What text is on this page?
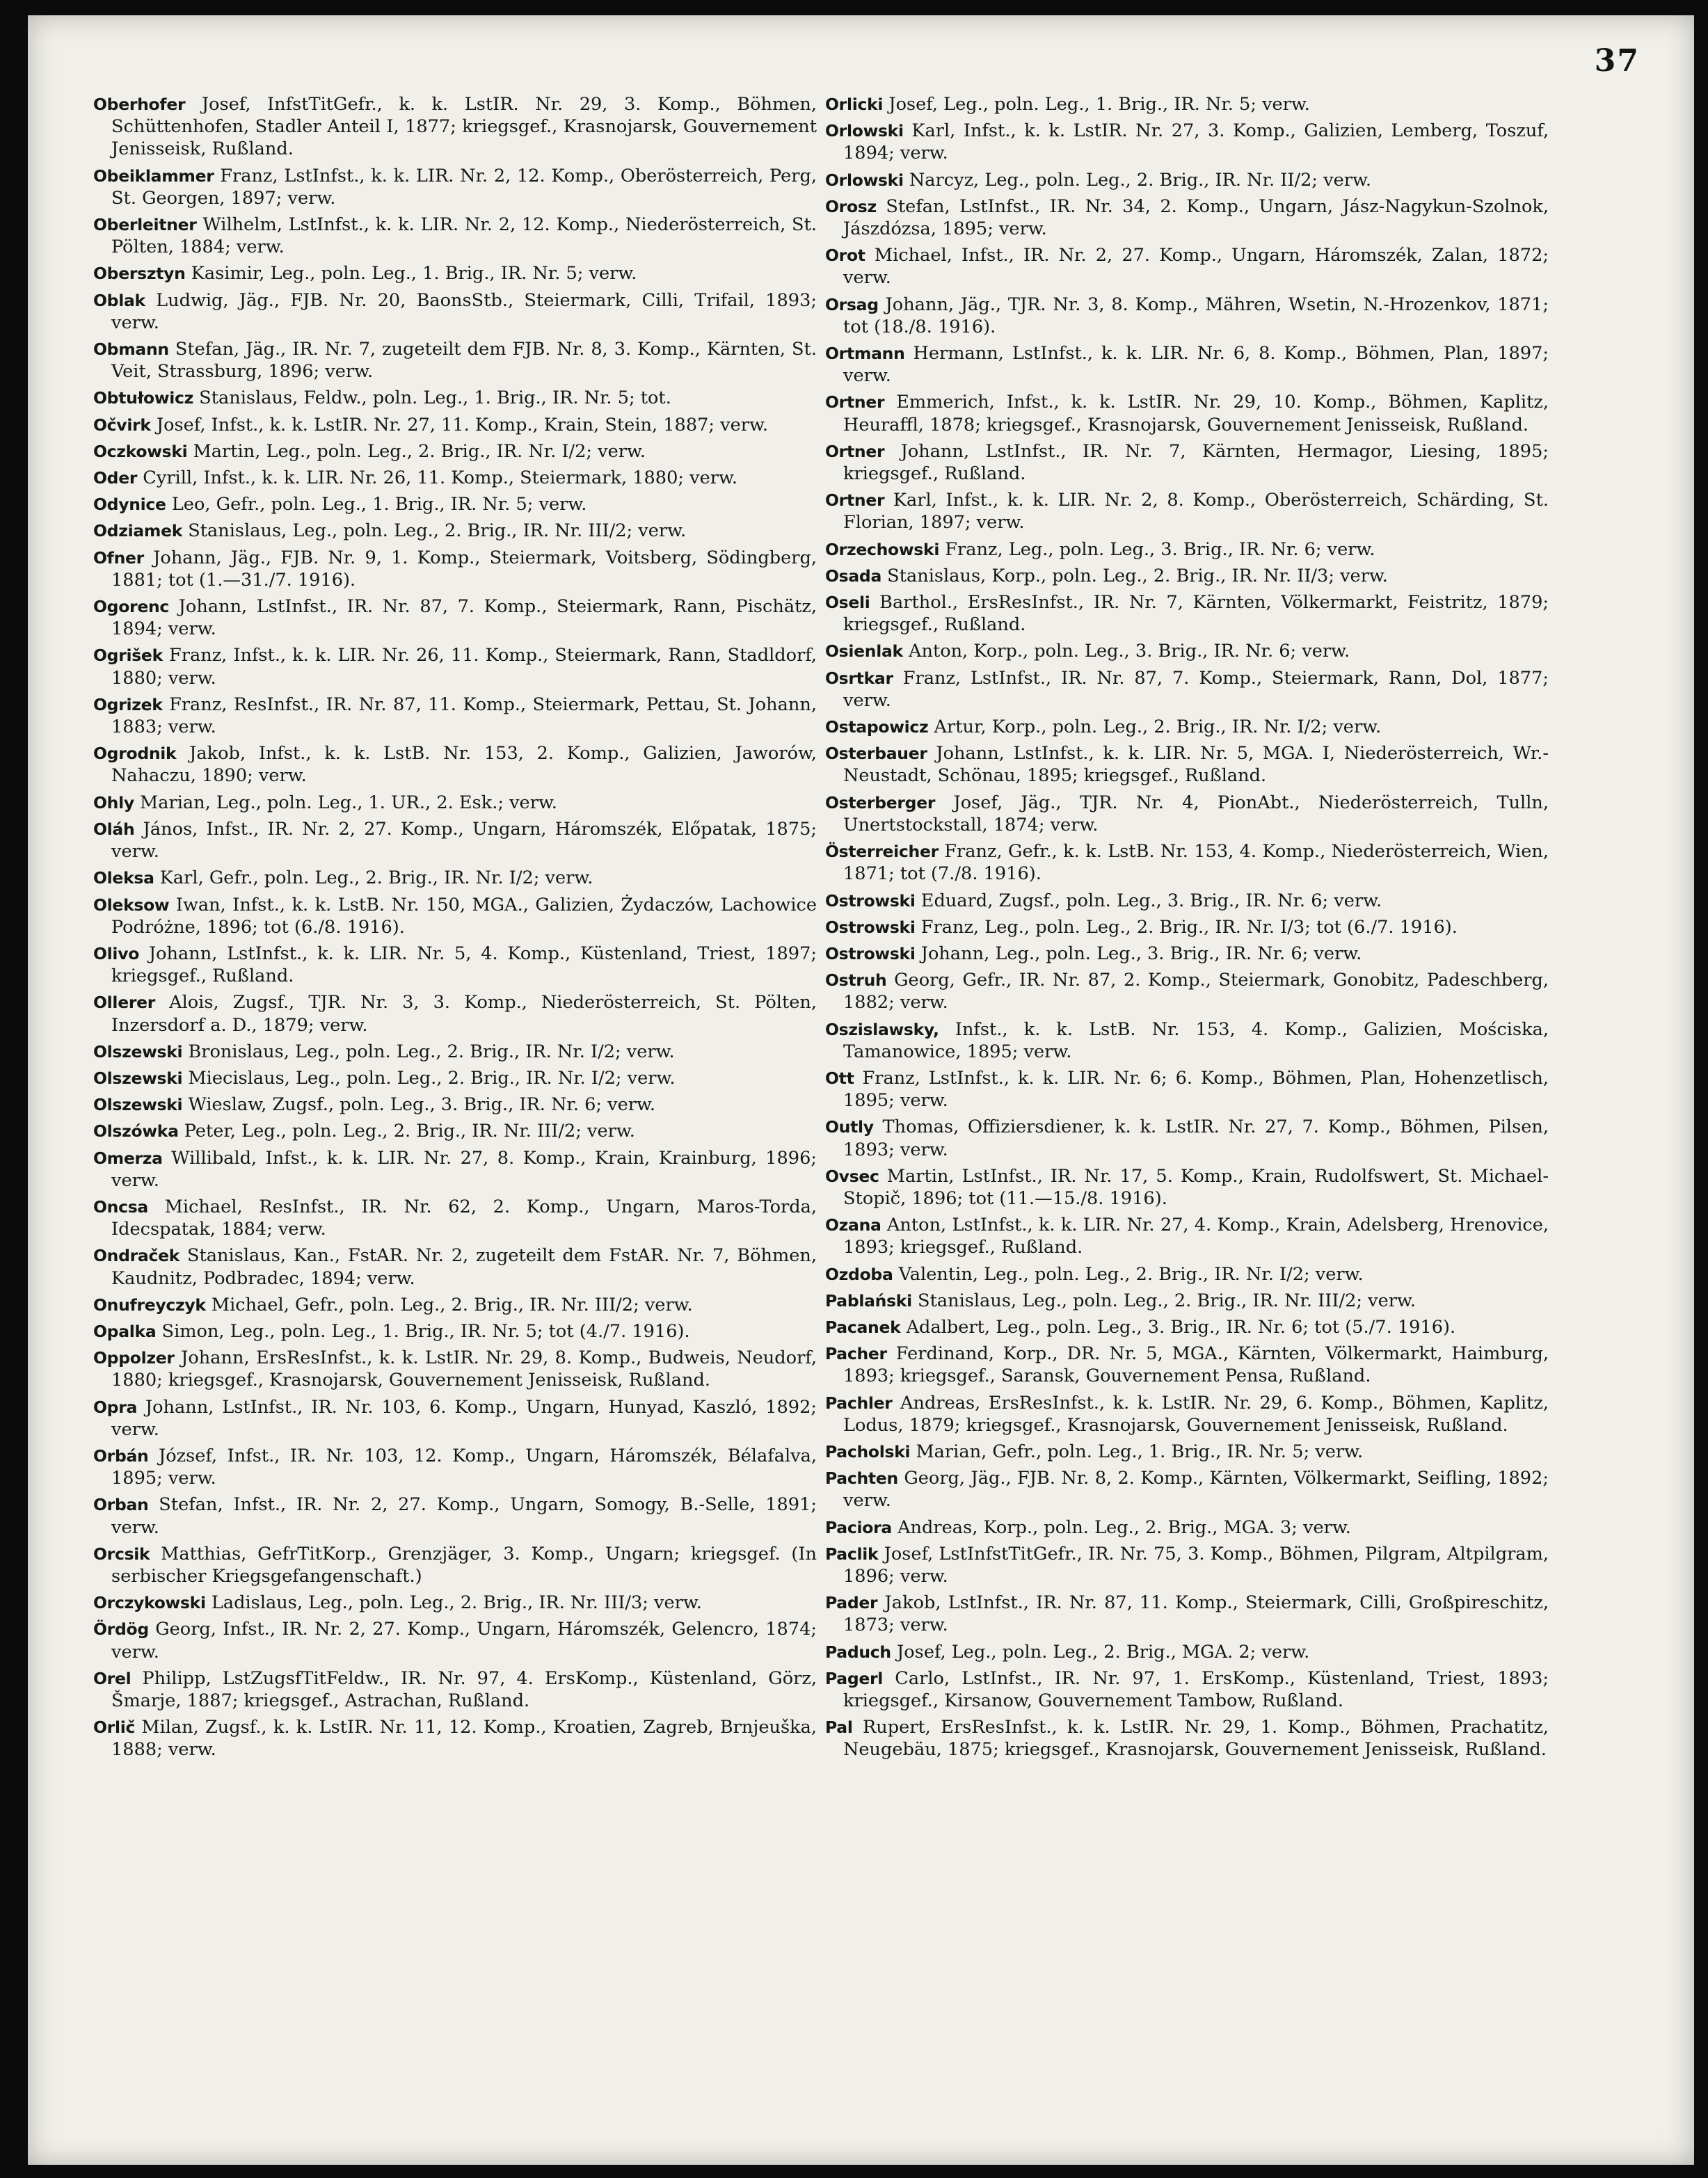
37

Oberhofer Josef, InfstTitGefr., k. k. LstIR. Nr. 29, 3. Komp., Böhmen, Schüttenhofen, Stadler Anteil I, 1877; kriegsgef., Krasnojarsk, Gouvernement Jenisseisk, Rußland.

Obeiklammer Franz, LstInfst., k. k. LIR. Nr. 2, 12. Komp., Oberösterreich, Perg, St. Georgen, 1897; verw.

Oberleitner Wilhelm, LstInfst., k. k. LIR. Nr. 2, 12. Komp., Niederösterreich, St. Pölten, 1884; verw.

Obersztyn Kasimir, Leg., poln. Leg., 1. Brig., IR. Nr. 5; verw.

Oblak Ludwig, Jäg., FJB. Nr. 20, BaonsStb., Steiermark, Cilli, Trifail, 1893; verw.

Obmann Stefan, Jäg., IR. Nr. 7, zugeteilt dem FJB. Nr. 8, 3. Komp., Kärnten, St. Veit, Strassburg, 1896; verw.

Obtułowicz Stanislaus, Feldw., poln. Leg., 1. Brig., IR. Nr. 5; tot.

Očvirk Josef, Infst., k. k. LstIR. Nr. 27, 11. Komp., Krain, Stein, 1887; verw.

Oczkowski Martin, Leg., poln. Leg., 2. Brig., IR. Nr. I/2; verw.

Oder Cyrill, Infst., k. k. LIR. Nr. 26, 11. Komp., Steiermark, 1880; verw.

Odynice Leo, Gefr., poln. Leg., 1. Brig., IR. Nr. 5; verw.

Odziamek Stanislaus, Leg., poln. Leg., 2. Brig., IR. Nr. III/2; verw.

Ofner Johann, Jäg., FJB. Nr. 9, 1. Komp., Steiermark, Voitsberg, Södingberg, 1881; tot (1.—31./7. 1916).

Ogorenc Johann, LstInfst., IR. Nr. 87, 7. Komp., Steiermark, Rann, Pischätz, 1894; verw.

Ogrišek Franz, Infst., k. k. LIR. Nr. 26, 11. Komp., Steiermark, Rann, Stadldorf, 1880; verw.

Ogrizek Franz, ResInfst., IR. Nr. 87, 11. Komp., Steiermark, Pettau, St. Johann, 1883; verw.

Ogrodnik Jakob, Infst., k. k. LstB. Nr. 153, 2. Komp., Galizien, Jaworów, Nahaczu, 1890; verw.

Ohly Marian, Leg., poln. Leg., 1. UR., 2. Esk.; verw.

Oláh János, Infst., IR. Nr. 2, 27. Komp., Ungarn, Háromszék, Előpatak, 1875; verw.

Oleksa Karl, Gefr., poln. Leg., 2. Brig., IR. Nr. I/2; verw.

Oleksow Iwan, Infst., k. k. LstB. Nr. 150, MGA., Galizien, Żydaczów, Lachowice Podróżne, 1896; tot (6./8. 1916).

Olivo Johann, LstInfst., k. k. LIR. Nr. 5, 4. Komp., Küstenland, Triest, 1897; kriegsgef., Rußland.

Ollerer Alois, Zugsf., TJR. Nr. 3, 3. Komp., Niederösterreich, St. Pölten, Inzersdorf a. D., 1879; verw.

Olszewski Bronislaus, Leg., poln. Leg., 2. Brig., IR. Nr. I/2; verw.

Olszewski Miecislaus, Leg., poln. Leg., 2. Brig., IR. Nr. I/2; verw.

Olszewski Wieslaw, Zugsf., poln. Leg., 3. Brig., IR. Nr. 6; verw.

Olszówka Peter, Leg., poln. Leg., 2. Brig., IR. Nr. III/2; verw.

Omerza Willibald, Infst., k. k. LIR. Nr. 27, 8. Komp., Krain, Krainburg, 1896; verw.

Oncsa Michael, ResInfst., IR. Nr. 62, 2. Komp., Ungarn, Maros-Torda, Idecspatak, 1884; verw.

Ondraček Stanislaus, Kan., FstAR. Nr. 2, zugeteilt dem FstAR. Nr. 7, Böhmen, Kaudnitz, Podbradec, 1894; verw.

Onufreyczyk Michael, Gefr., poln. Leg., 2. Brig., IR. Nr. III/2; verw.

Opalka Simon, Leg., poln. Leg., 1. Brig., IR. Nr. 5; tot (4./7. 1916).

Oppolzer Johann, ErsResInfst., k. k. LstIR. Nr. 29, 8. Komp., Budweis, Neudorf, 1880; kriegsgef., Krasnojarsk, Gouvernement Jenisseisk, Rußland.

Opra Johann, LstInfst., IR. Nr. 103, 6. Komp., Ungarn, Hunyad, Kaszló, 1892; verw.

Orbán József, Infst., IR. Nr. 103, 12. Komp., Ungarn, Háromszék, Bélafalva, 1895; verw.

Orban Stefan, Infst., IR. Nr. 2, 27. Komp., Ungarn, Somogy, B.-Selle, 1891; verw.

Orcsik Matthias, GefrTitKorp., Grenzjäger, 3. Komp., Ungarn; kriegsgef. (In serbischer Kriegsgefangenschaft.)

Orczykowski Ladislaus, Leg., poln. Leg., 2. Brig., IR. Nr. III/3; verw.

Ördög Georg, Infst., IR. Nr. 2, 27. Komp., Ungarn, Háromszék, Gelencro, 1874; verw.

Orel Philipp, LstZugsfTitFeldw., IR. Nr. 97, 4. ErsKomp., Küstenland, Görz, Šmarje, 1887; kriegsgef., Astrachan, Rußland.

Orlič Milan, Zugsf., k. k. LstIR. Nr. 11, 12. Komp., Kroatien, Zagreb, Brnjeuška, 1888; verw.

Orlicki Josef, Leg., poln. Leg., 1. Brig., IR. Nr. 5; verw.

Orlowski Karl, Infst., k. k. LstIR. Nr. 27, 3. Komp., Galizien, Lemberg, Toszuf, 1894; verw.

Orlowski Narcyz, Leg., poln. Leg., 2. Brig., IR. Nr. II/2; verw.

Orosz Stefan, LstInfst., IR. Nr. 34, 2. Komp., Ungarn, Jász-Nagykun-Szolnok, Jászdózsa, 1895; verw.

Orot Michael, Infst., IR. Nr. 2, 27. Komp., Ungarn, Háromszék, Zalan, 1872; verw.

Orsag Johann, Jäg., TJR. Nr. 3, 8. Komp., Mähren, Wsetin, N.-Hrozenkov, 1871; tot (18./8. 1916).

Ortmann Hermann, LstInfst., k. k. LIR. Nr. 6, 8. Komp., Böhmen, Plan, 1897; verw.

Ortner Emmerich, Infst., k. k. LstIR. Nr. 29, 10. Komp., Böhmen, Kaplitz, Heuraffl, 1878; kriegsgef., Krasnojarsk, Gouvernement Jenisseisk, Rußland.

Ortner Johann, LstInfst., IR. Nr. 7, Kärnten, Hermagor, Liesing, 1895; kriegsgef., Rußland.

Ortner Karl, Infst., k. k. LIR. Nr. 2, 8. Komp., Oberösterreich, Schärding, St. Florian, 1897; verw.

Orzechowski Franz, Leg., poln. Leg., 3. Brig., IR. Nr. 6; verw.

Osada Stanislaus, Korp., poln. Leg., 2. Brig., IR. Nr. II/3; verw.

Oseli Barthol., ErsResInfst., IR. Nr. 7, Kärnten, Völkermarkt, Feistritz, 1879; kriegsgef., Rußland.

Osienlak Anton, Korp., poln. Leg., 3. Brig., IR. Nr. 6; verw.

Osrtkar Franz, LstInfst., IR. Nr. 87, 7. Komp., Steiermark, Rann, Dol, 1877; verw.

Ostapowicz Artur, Korp., poln. Leg., 2. Brig., IR. Nr. I/2; verw.

Osterbauer Johann, LstInfst., k. k. LIR. Nr. 5, MGA. I, Niederösterreich, Wr.-Neustadt, Schönau, 1895; kriegsgef., Rußland.

Osterberger Josef, Jäg., TJR. Nr. 4, PionAbt., Niederösterreich, Tulln, Unertstockstall, 1874; verw.

Österreicher Franz, Gefr., k. k. LstB. Nr. 153, 4. Komp., Niederösterreich, Wien, 1871; tot (7./8. 1916).

Ostrowski Eduard, Zugsf., poln. Leg., 3. Brig., IR. Nr. 6; verw.

Ostrowski Franz, Leg., poln. Leg., 2. Brig., IR. Nr. I/3; tot (6./7. 1916).

Ostrowski Johann, Leg., poln. Leg., 3. Brig., IR. Nr. 6; verw.

Ostruh Georg, Gefr., IR. Nr. 87, 2. Komp., Steiermark, Gonobitz, Padeschberg, 1882; verw.

Oszislawsky, Infst., k. k. LstB. Nr. 153, 4. Komp., Galizien, Mościska, Tamanowice, 1895; verw.

Ott Franz, LstInfst., k. k. LIR. Nr. 6; 6. Komp., Böhmen, Plan, Hohenzetlisch, 1895; verw.

Outly Thomas, Offiziersdiener, k. k. LstIR. Nr. 27, 7. Komp., Böhmen, Pilsen, 1893; verw.

Ovsec Martin, LstInfst., IR. Nr. 17, 5. Komp., Krain, Rudolfswert, St. Michael-Stopič, 1896; tot (11.—15./8. 1916).

Ozana Anton, LstInfst., k. k. LIR. Nr. 27, 4. Komp., Krain, Adelsberg, Hrenovice, 1893; kriegsgef., Rußland.

Ozdoba Valentin, Leg., poln. Leg., 2. Brig., IR. Nr. I/2; verw.

Pablański Stanislaus, Leg., poln. Leg., 2. Brig., IR. Nr. III/2; verw.

Pacanek Adalbert, Leg., poln. Leg., 3. Brig., IR. Nr. 6; tot (5./7. 1916).

Pacher Ferdinand, Korp., DR. Nr. 5, MGA., Kärnten, Völkermarkt, Haimburg, 1893; kriegsgef., Saransk, Gouvernement Pensa, Rußland.

Pachler Andreas, ErsResInfst., k. k. LstIR. Nr. 29, 6. Komp., Böhmen, Kaplitz, Lodus, 1879; kriegsgef., Krasnojarsk, Gouvernement Jenisseisk, Rußland.

Pacholski Marian, Gefr., poln. Leg., 1. Brig., IR. Nr. 5; verw.

Pachten Georg, Jäg., FJB. Nr. 8, 2. Komp., Kärnten, Völkermarkt, Seifling, 1892; verw.

Paciora Andreas, Korp., poln. Leg., 2. Brig., MGA. 3; verw.

Paclik Josef, LstInfstTitGefr., IR. Nr. 75, 3. Komp., Böhmen, Pilgram, Altpilgram, 1896; verw.

Pader Jakob, LstInfst., IR. Nr. 87, 11. Komp., Steiermark, Cilli, Großpireschitz, 1873; verw.

Paduch Josef, Leg., poln. Leg., 2. Brig., MGA. 2; verw.

Pagerl Carlo, LstInfst., IR. Nr. 97, 1. ErsKomp., Küstenland, Triest, 1893; kriegsgef., Kirsanow, Gouvernement Tambow, Rußland.

Pal Rupert, ErsResInfst., k. k. LstIR. Nr. 29, 1. Komp., Böhmen, Prachatitz, Neugebäu, 1875; kriegsgef., Krasnojarsk, Gouvernement Jenisseisk, Rußland.
